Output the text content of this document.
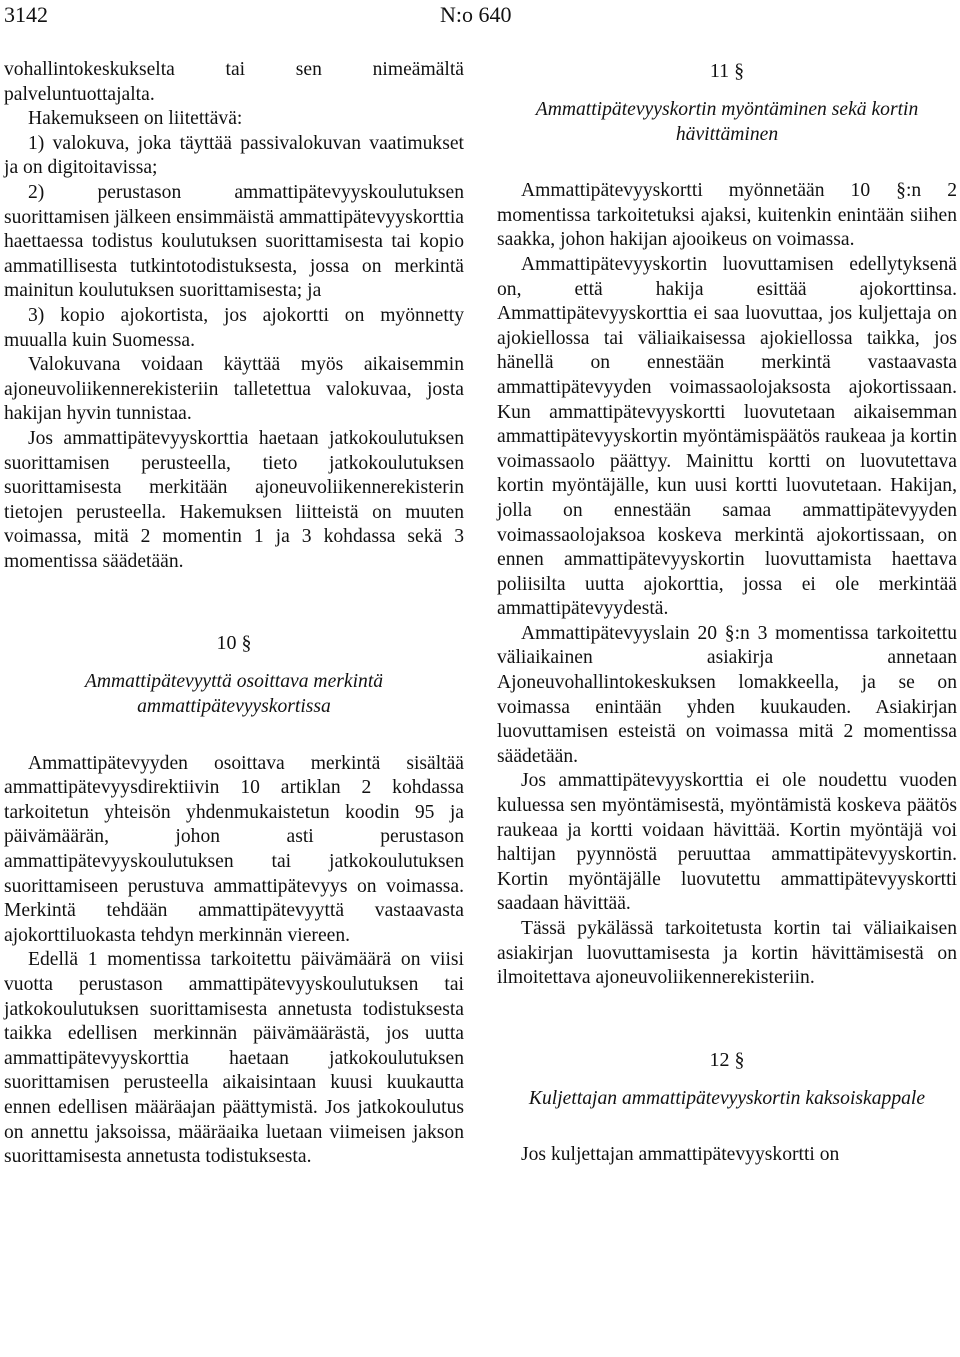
3142	N:o 640

vohallintokeskukselta tai sen nimeämältä palveluntuottajalta.

Hakemukseen on liitettävä:

1) valokuva, joka täyttää passivalokuvan vaatimukset ja on digitoitavissa;

2) perustason ammattipätevyyskoulutuksen suorittamisen jälkeen ensimmäistä ammattipätevyyskorttia haettaessa todistus koulutuksen suorittamisesta tai kopio ammatillisesta tutkintotodistuksesta, jossa on merkintä mainitun koulutuksen suorittamisesta; ja

3) kopio ajokortista, jos ajokortti on myönnetty muualla kuin Suomessa.

Valokuvana voidaan käyttää myös aikaisemmin ajoneuvoliikennerekisteriin talletettua valokuvaa, josta hakijan hyvin tunnistaa.

Jos ammattipätevyyskorttia haetaan jatkokoulutuksen suorittamisen perusteella, tieto jatkokoulutuksen suorittamisesta merkitään ajoneuvoliikennerekisterin tietojen perusteella. Hakemuksen liitteistä on muuten voimassa, mitä 2 momentin 1 ja 3 kohdassa sekä 3 momentissa säädetään.

10 §

Ammattipätevyyttä osoittava merkintä ammattipätevyyskortissa

Ammattipätevyyden osoittava merkintä sisältää ammattipätevyysdirektiivin 10 artiklan 2 kohdassa tarkoitetun yhteisön yhdenmukaistetun koodin 95 ja päivämäärän, johon asti perustason ammattipätevyyskoulutuksen tai jatkokoulutuksen suorittamiseen perustuva ammattipätevyys on voimassa. Merkintä tehdään ammattipätevyyttä vastaavasta ajokorttiluokasta tehdyn merkinnän viereen.

Edellä 1 momentissa tarkoitettu päivämäärä on viisi vuotta perustason ammattipätevyyskoulutuksen tai jatkokoulutuksen suorittamisesta annetusta todistuksesta taikka edellisen merkinnän päivämäärästä, jos uutta ammattipätevyyskorttia haetaan jatkokoulutuksen suorittamisen perusteella aikaisintaan kuusi kuukautta ennen edellisen määräajan päättymistä. Jos jatkokoulutus on annettu jaksoissa, määräaika luetaan viimeisen jakson suorittamisesta annetusta todistuksesta.

11 §

Ammattipätevyyskortin myöntäminen sekä kortin hävittäminen

Ammattipätevyyskortti myönnetään 10 §:n 2 momentissa tarkoitetuksi ajaksi, kuitenkin enintään siihen saakka, johon hakijan ajooikeus on voimassa.

Ammattipätevyyskortin luovuttamisen edellytyksenä on, että hakija esittää ajokorttinsa. Ammattipätevyyskorttia ei saa luovuttaa, jos kuljettaja on ajokiellossa tai väliaikaisessa ajokiellossa taikka, jos hänellä on ennestään merkintä vastaavasta ammattipätevyyden voimassaolojaksosta ajokortissaan. Kun ammattipätevyyskortti luovutetaan aikaisemman ammattipätevyyskortin myöntämispäätös raukeaa ja kortin voimassaolo päättyy. Mainittu kortti on luovutettava kortin myöntäjälle, kun uusi kortti luovutetaan. Hakijan, jolla on ennestään samaa ammattipätevyyden voimassaolojaksoa koskeva merkintä ajokortissaan, on ennen ammattipätevyyskortin luovuttamista haettava poliisilta uutta ajokorttia, jossa ei ole merkintää ammattipätevyydestä.

Ammattipätevyyslain 20 §:n 3 momentissa tarkoitettu väliaikainen asiakirja annetaan Ajoneuvohallintokeskuksen lomakkeella, ja se on voimassa enintään yhden kuukauden. Asiakirjan luovuttamisen esteistä on voimassa mitä 2 momentissa säädetään.

Jos ammattipätevyyskorttia ei ole noudettu vuoden kuluessa sen myöntämisestä, myöntämistä koskeva päätös raukeaa ja kortti voidaan hävittää. Kortin myöntäjä voi haltijan pyynnöstä peruuttaa ammattipätevyyskortin. Kortin myöntäjälle luovutettu ammattipätevyyskortti saadaan hävittää.

Tässä pykälässä tarkoitetusta kortin tai väliaikaisen asiakirjan luovuttamisesta ja kortin hävittämisestä on ilmoitettava ajoneuvoliikennerekisteriin.

12 §

Kuljettajan ammattipätevyyskortin kaksoiskappale

Jos kuljettajan ammattipätevyyskortti on
